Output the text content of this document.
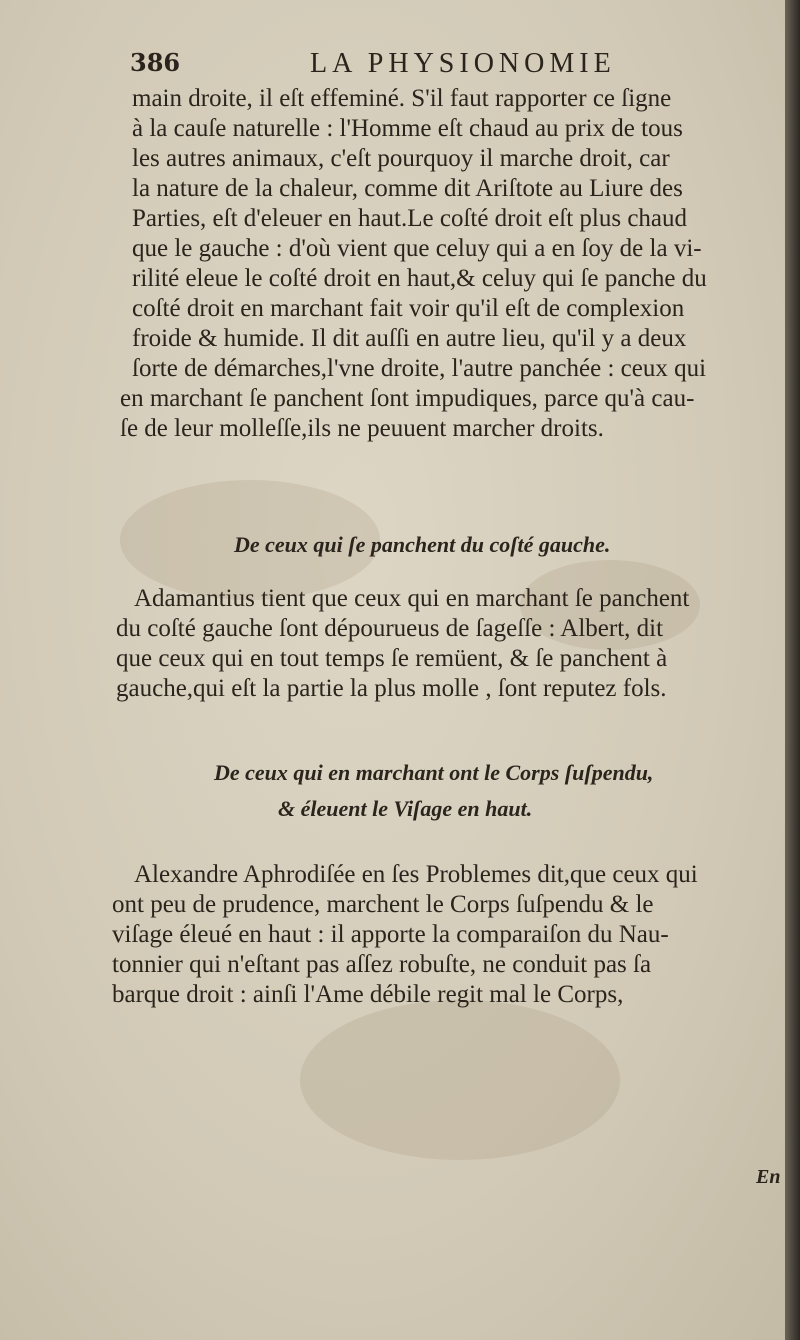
386	LA PHYSIONOMIE
main droite, il eſt effeminé. S'il faut rapporter ce ſigne
à la cauſe naturelle : l'Homme eſt chaud au prix de tous
les autres animaux, c'eſt pourquoy il marche droit, car
la nature de la chaleur, comme dit Ariſtote au Liure des
Parties, eſt d'eleuer en haut.Le coſté droit eſt plus chaud
que le gauche : d'où vient que celuy qui a en ſoy de la vi-
rilité eleue le coſté droit en haut,& celuy qui ſe panche du
coſté droit en marchant fait voir qu'il eſt de complexion
froide & humide. Il dit auſſi en autre lieu, qu'il y a deux
ſorte de démarches,l'vne droite, l'autre panchée : ceux qui
en marchant ſe panchent ſont impudiques, parce qu'à cau-
ſe de leur molleſſe,ils ne peuuent marcher droits.
De ceux qui ſe panchent du coſté gauche.
Adamantius tient que ceux qui en marchant ſe panchent
du coſté gauche ſont dépourueus de ſageſſe : Albert, dit
que ceux qui en tout temps ſe remüent, & ſe panchent à
gauche,qui eſt la partie la plus molle , ſont reputez fols.
De ceux qui en marchant ont le Corps ſuſpendu,
& éleuent le Viſage en haut.
Alexandre Aphrodiſée en ſes Problemes dit,que ceux qui
ont peu de prudence, marchent le Corps ſuſpendu & le
viſage éleué en haut : il apporte la comparaiſon du Nau-
tonnier qui n'eſtant pas aſſez robuſte, ne conduit pas ſa
barque droit : ainſi l'Ame débile regit mal le Corps,
En
